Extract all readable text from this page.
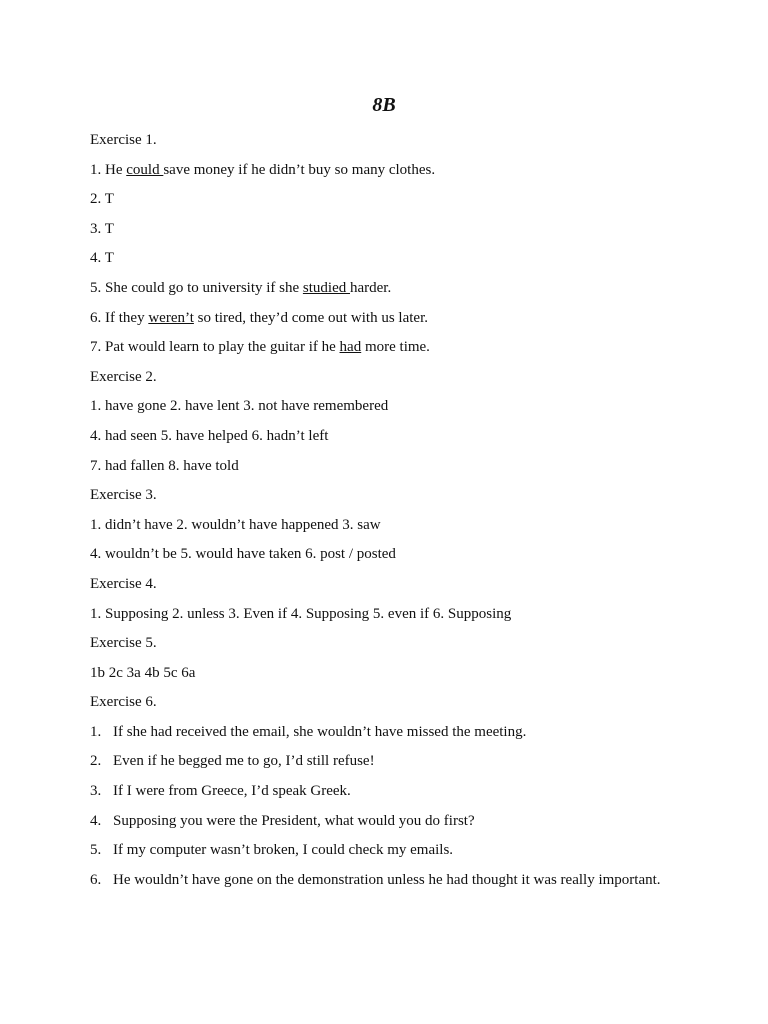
8B
Exercise 1.
1. He could save money if he didn’t buy so many clothes.
2. T
3. T
4. T
5. She could go to university if she studied harder.
6. If they weren’t so tired, they’d come out with us later.
7. Pat would learn to play the guitar if he had more time.
Exercise 2.
1. have gone 2. have lent 3. not have remembered
4. had seen 5. have helped 6. hadn’t left
7. had fallen 8. have told
Exercise 3.
1. didn’t have 2. wouldn’t have happened 3. saw
4. wouldn’t be 5. would have taken 6. post / posted
Exercise 4.
1. Supposing 2. unless 3. Even if 4. Supposing 5. even if 6. Supposing
Exercise 5.
1b 2c 3a 4b 5c 6a
Exercise 6.
1. If she had received the email, she wouldn’t have missed the meeting.
2. Even if he begged me to go, I’d still refuse!
3. If I were from Greece, I’d speak Greek.
4. Supposing you were the President, what would you do first?
5. If my computer wasn’t broken, I could check my emails.
6. He wouldn’t have gone on the demonstration unless he had thought it was really important.
